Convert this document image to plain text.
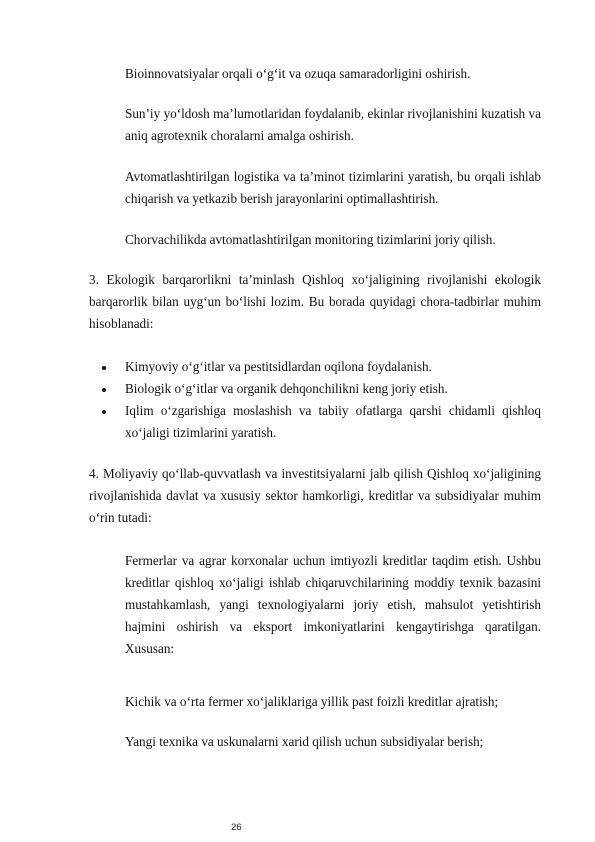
Bioinnovatsiyalar orqali o‘g‘it va ozuqa samaradorligini oshirish.

Sun’iy yo‘ldosh ma’lumotlaridan foydalanib, ekinlar rivojlanishini kuzatish va aniq agrotexnik choralarni amalga oshirish.

Avtomatlashtirilgan logistika va ta’minot tizimlarini yaratish, bu orqali ishlab chiqarish va yetkazib berish jarayonlarini optimallashtirish.

Chorvachilikda avtomatlashtirilgan monitoring tizimlarini joriy qilish.

3. Ekologik barqarorlikni ta’minlash Qishloq xo‘jaligining rivojlanishi ekologik barqarorlik bilan uyg‘un bo‘lishi lozim. Bu borada quyidagi chora-tadbirlar muhim hisoblanadi:

Kimyoviy o‘g‘itlar va pestitsidlardan oqilona foydalanish.
Biologik o‘g‘itlar va organik dehqonchilikni keng joriy etish.
Iqlim o‘zgarishiga moslashish va tabiiy ofatlarga qarshi chidamli qishloq xo‘jaligi tizimlarini yaratish.

4. Moliyaviy qo‘llab-quvvatlash va investitsiyalarni jalb qilish Qishloq xo‘jaligining rivojlanishida davlat va xususiy sektor hamkorligi, kreditlar va subsidiyalar muhim o‘rin tutadi:

Fermerlar va agrar korxonalar uchun imtiyozli kreditlar taqdim etish. Ushbu kreditlar qishloq xo‘jaligi ishlab chiqaruvchilarining moddiy texnik bazasini mustahkamlash, yangi texnologiyalarni joriy etish, mahsulot yetishtirish hajmini oshirish va eksport imkoniyatlarini kengaytirishga qaratilgan. Xususan:

Kichik va o‘rta fermer xo‘jaliklariga yillik past foizli kreditlar ajratish;

Yangi texnika va uskunalarni xarid qilish uchun subsidiyalar berish;

26
